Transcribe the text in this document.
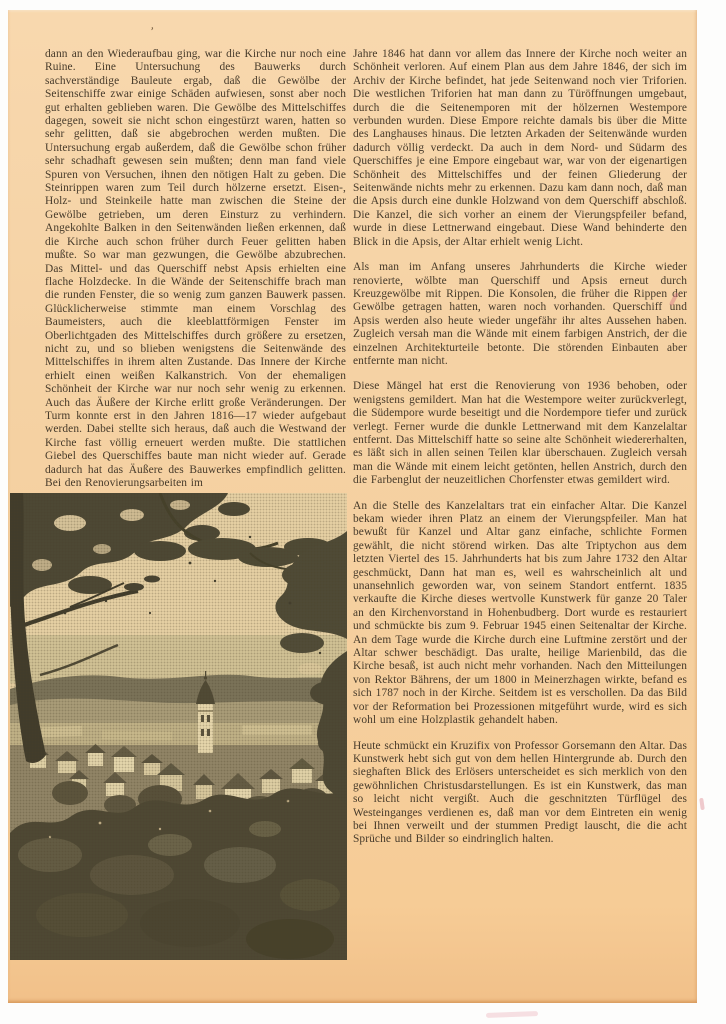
’

dann an den Wiederaufbau ging, war die Kirche nur noch eine Ruine. Eine Untersuchung des Bauwerks durch sachverständige Bauleute ergab, daß die Gewölbe der Seitenschiffe zwar einige Schäden aufwiesen, sonst aber noch gut erhalten geblieben waren. Die Gewölbe des Mittelschiffes dagegen, soweit sie nicht schon eingestürzt waren, hatten so sehr gelitten, daß sie abgebrochen werden mußten. Die Untersuchung ergab außerdem, daß die Gewölbe schon früher sehr schadhaft gewesen sein mußten; denn man fand viele Spuren von Versuchen, ihnen den nötigen Halt zu geben. Die Steinrippen waren zum Teil durch hölzerne ersetzt. Eisen-, Holz- und Steinkeile hatte man zwischen die Steine der Gewölbe getrieben, um deren Einsturz zu verhindern. Angekohlte Balken in den Seitenwänden ließen erkennen, daß die Kirche auch schon früher durch Feuer gelitten haben mußte. So war man gezwungen, die Gewölbe abzubrechen. Das Mittel- und das Querschiff nebst Apsis erhielten eine flache Holzdecke. In die Wände der Seitenschiffe brach man die runden Fenster, die so wenig zum ganzen Bauwerk passen. Glücklicherweise stimmte man einem Vorschlag des Baumeisters, auch die kleeblattförmigen Fenster im Oberlichtgaden des Mittelschiffes durch größere zu ersetzen, nicht zu, und so blieben wenigstens die Seitenwände des Mittelschiffes in ihrem alten Zustande. Das Innere der Kirche erhielt einen weißen Kalkanstrich. Von der ehemaligen Schönheit der Kirche war nur noch sehr wenig zu erkennen. Auch das Äußere der Kirche erlitt große Veränderungen. Der Turm konnte erst in den Jahren 1816—17 wieder aufgebaut werden. Dabei stellte sich heraus, daß auch die Westwand der Kirche fast völlig erneuert werden mußte. Die stattlichen Giebel des Querschiffes baute man nicht wieder auf. Gerade dadurch hat das Äußere des Bauwerkes empfindlich gelitten. Bei den Renovierungsarbeiten im

Jahre 1846 hat dann vor allem das Innere der Kirche noch weiter an Schönheit verloren. Auf einem Plan aus dem Jahre 1846, der sich im Archiv der Kirche befindet, hat jede Seitenwand noch vier Triforien. Die westlichen Triforien hat man dann zu Türöffnungen umgebaut, durch die die Seitenemporen mit der hölzernen Westempore verbunden wurden. Diese Empore reichte damals bis über die Mitte des Langhauses hinaus. Die letzten Arkaden der Seitenwände wurden dadurch völlig verdeckt. Da auch in dem Nord- und Südarm des Querschiffes je eine Empore eingebaut war, war von der eigenartigen Schönheit des Mittelschiffes und der feinen Gliederung der Seitenwände nichts mehr zu erkennen. Dazu kam dann noch, daß man die Apsis durch eine dunkle Holzwand von dem Querschiff abschloß. Die Kanzel, die sich vorher an einem der Vierungspfeiler befand, wurde in diese Lettnerwand eingebaut. Diese Wand behinderte den Blick in die Apsis, der Altar erhielt wenig Licht.

Als man im Anfang unseres Jahrhunderts die Kirche wieder renovierte, wölbte man Querschiff und Apsis erneut durch Kreuzgewölbe mit Rippen. Die Konsolen, die früher die Rippen der Gewölbe getragen hatten, waren noch vorhanden. Querschiff und Apsis werden also heute wieder ungefähr ihr altes Aussehen haben. Zugleich versah man die Wände mit einem farbigen Anstrich, der die einzelnen Architekturteile betonte. Die störenden Einbauten aber entfernte man nicht.

Diese Mängel hat erst die Renovierung von 1936 behoben, oder wenigstens gemildert. Man hat die Westempore weiter zurückverlegt, die Südempore wurde beseitigt und die Nordempore tiefer und zurück verlegt. Ferner wurde die dunkle Lettnerwand mit dem Kanzelaltar entfernt. Das Mittelschiff hatte so seine alte Schönheit wiedererhalten, es läßt sich in allen seinen Teilen klar überschauen. Zugleich versah man die Wände mit einem leicht getönten, hellen Anstrich, durch den die Farbenglut der neuzeitlichen Chorfenster etwas gemildert wird.

An die Stelle des Kanzelaltars trat ein einfacher Altar. Die Kanzel bekam wieder ihren Platz an einem der Vierungspfeiler. Man hat bewußt für Kanzel und Altar ganz einfache, schlichte Formen gewählt, die nicht störend wirken. Das alte Triptychon aus dem letzten Viertel des 15. Jahrhunderts hat bis zum Jahre 1732 den Altar geschmückt, Dann hat man es, weil es wahrscheinlich alt und unansehnlich geworden war, von seinem Standort entfernt. 1835 verkaufte die Kirche dieses wertvolle Kunstwerk für ganze 20 Taler an den Kirchenvorstand in Hohenbudberg. Dort wurde es restauriert und schmückte bis zum 9. Februar 1945 einen Seitenaltar der Kirche. An dem Tage wurde die Kirche durch eine Luftmine zerstört und der Altar schwer beschädigt. Das uralte, heilige Marienbild, das die Kirche besaß, ist auch nicht mehr vorhanden. Nach den Mitteilungen von Rektor Bährens, der um 1800 in Meinerzhagen wirkte, befand es sich 1787 noch in der Kirche. Seitdem ist es verschollen. Da das Bild vor der Reformation bei Prozessionen mitgeführt wurde, wird es sich wohl um eine Holzplastik gehandelt haben.

Heute schmückt ein Kruzifix von Professor Gorsemann den Altar. Das Kunstwerk hebt sich gut von dem hellen Hintergrunde ab. Durch den sieghaften Blick des Erlösers unterscheidet es sich merklich von den gewöhnlichen Christusdarstellungen. Es ist ein Kunstwerk, das man so leicht nicht vergißt. Auch die geschnitzten Türflügel des Westeinganges verdienen es, daß man vor dem Eintreten ein wenig bei Ihnen verweilt und der stummen Predigt lauscht, die die acht Sprüche und Bilder so eindringlich halten.
